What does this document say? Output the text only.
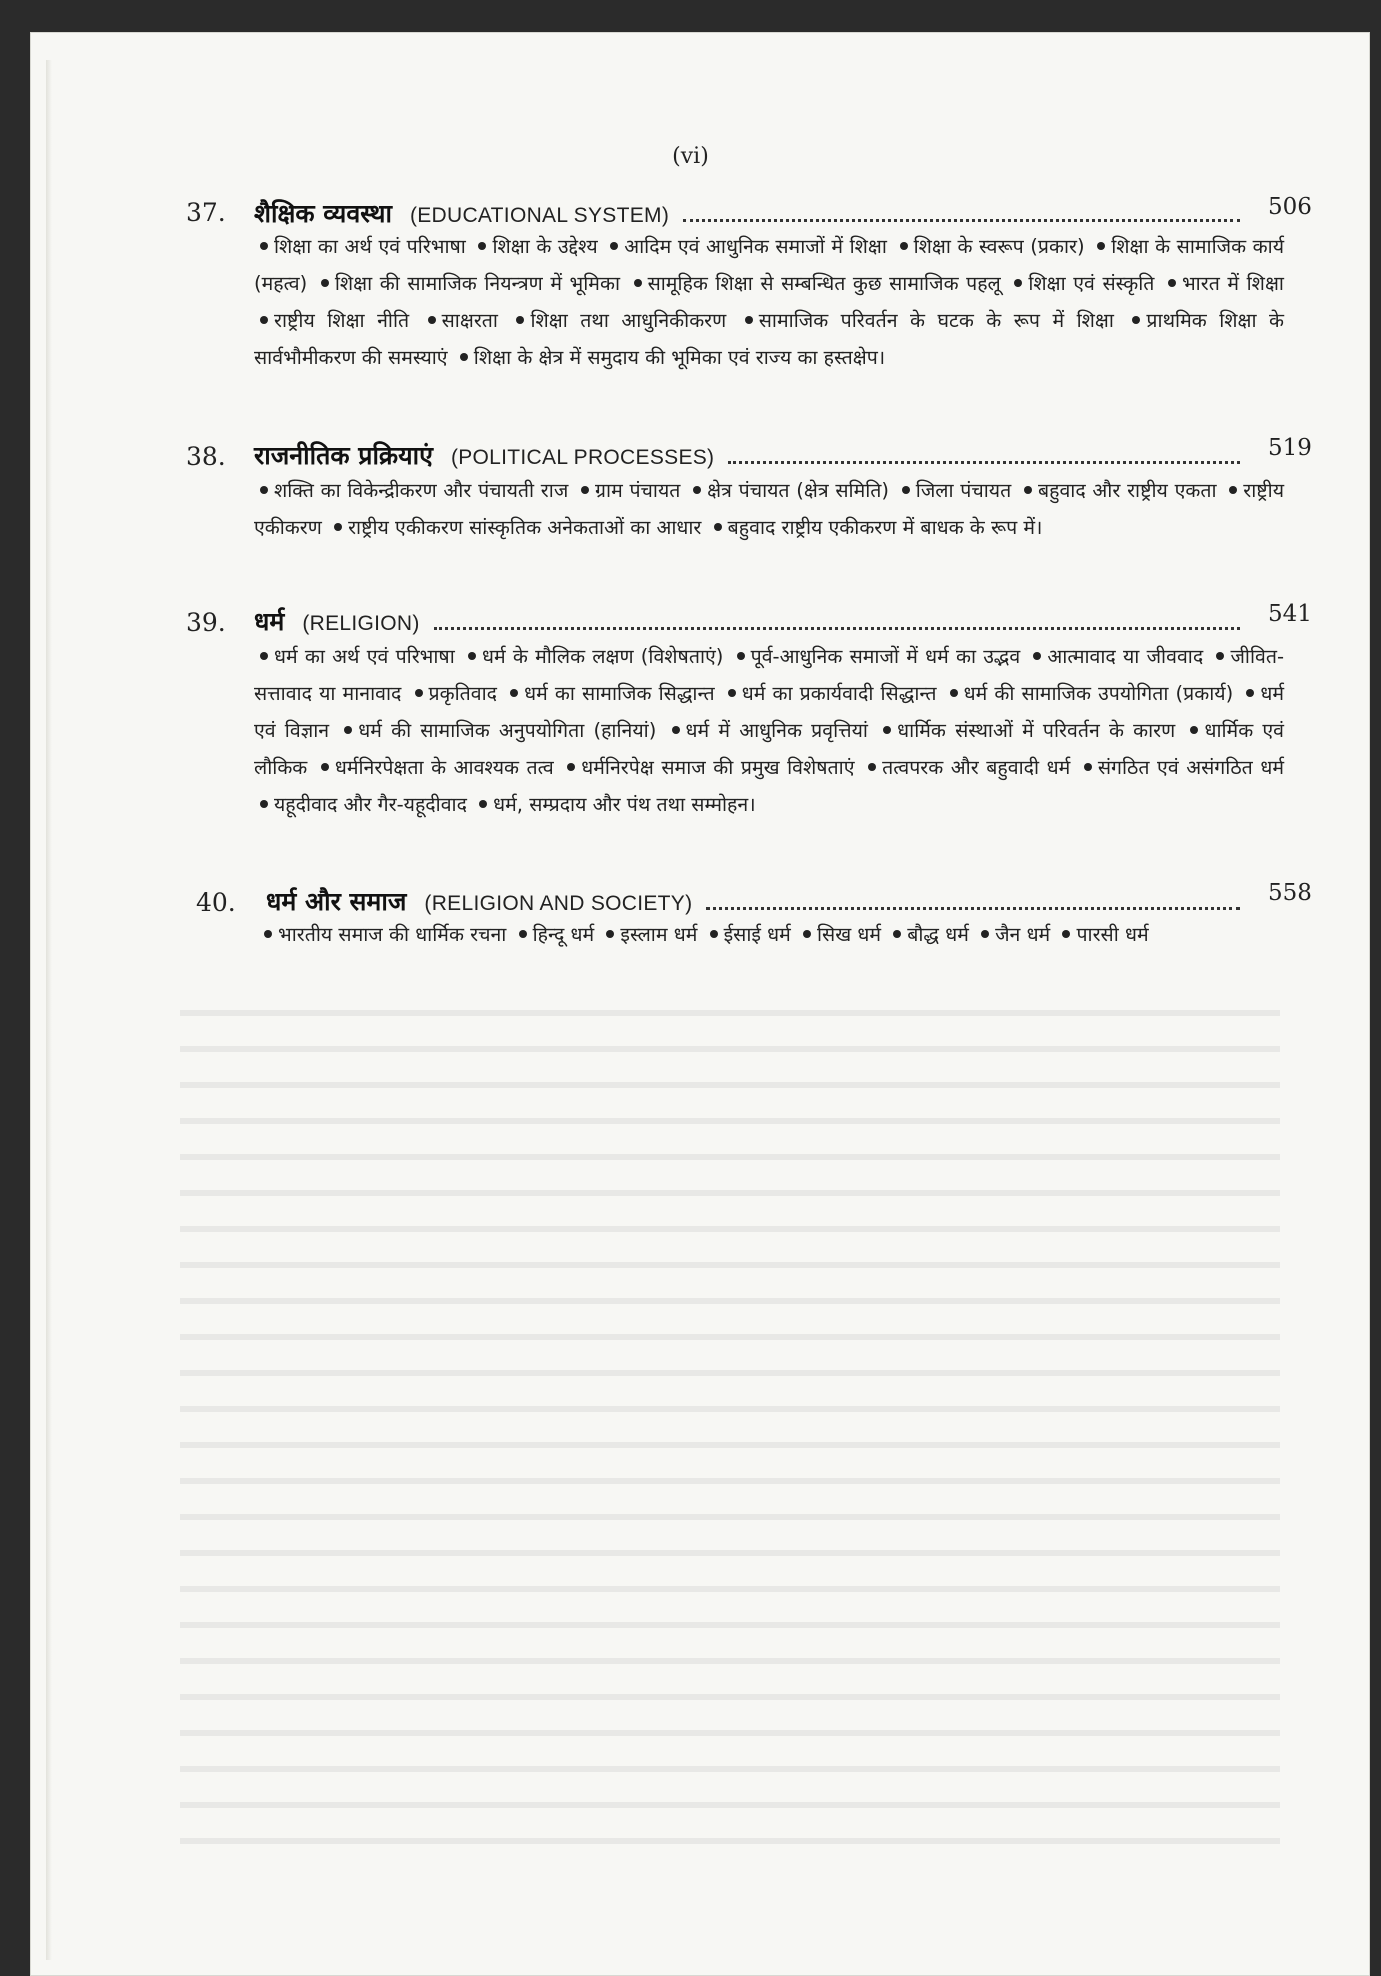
(vi)
37. शैक्षिक व्यवस्था (EDUCATIONAL SYSTEM)	506
शिक्षा का अर्थ एवं परिभाषा शिक्षा के उद्देश्य आदिम एवं आधुनिक समाजों में शिक्षा शिक्षा के स्वरूप (प्रकार) शिक्षा के सामाजिक कार्य (महत्व) शिक्षा की सामाजिक नियन्त्रण में भूमिका सामूहिक शिक्षा से सम्बन्धित कुछ सामाजिक पहलू शिक्षा एवं संस्कृति भारत में शिक्षा राष्ट्रीय शिक्षा नीति साक्षरता शिक्षा तथा आधुनिकीकरण सामाजिक परिवर्तन के घटक के रूप में शिक्षा प्राथमिक शिक्षा के सार्वभौमीकरण की समस्याएं शिक्षा के क्षेत्र में समुदाय की भूमिका एवं राज्य का हस्तक्षेप।
38. राजनीतिक प्रक्रियाएं (POLITICAL PROCESSES)	519
शक्ति का विकेन्द्रीकरण और पंचायती राज ग्राम पंचायत क्षेत्र पंचायत (क्षेत्र समिति) जिला पंचायत बहुवाद और राष्ट्रीय एकता राष्ट्रीय एकीकरण राष्ट्रीय एकीकरण सांस्कृतिक अनेकताओं का आधार बहुवाद राष्ट्रीय एकीकरण में बाधक के रूप में।
39. धर्म (RELIGION)	541
धर्म का अर्थ एवं परिभाषा धर्म के मौलिक लक्षण (विशेषताएं) पूर्व-आधुनिक समाजों में धर्म का उद्भव आत्मावाद या जीववाद जीवित-सत्तावाद या मानावाद प्रकृतिवाद धर्म का सामाजिक सिद्धान्त धर्म का प्रकार्यवादी सिद्धान्त धर्म की सामाजिक उपयोगिता (प्रकार्य) धर्म एवं विज्ञान धर्म की सामाजिक अनुपयोगिता (हानियां) धर्म में आधुनिक प्रवृत्तियां धार्मिक संस्थाओं में परिवर्तन के कारण धार्मिक एवं लौकिक धर्मनिरपेक्षता के आवश्यक तत्व धर्मनिरपेक्ष समाज की प्रमुख विशेषताएं तत्वपरक और बहुवादी धर्म संगठित एवं असंगठित धर्म यहूदीवाद और गैर-यहूदीवाद धर्म, सम्प्रदाय और पंथ तथा सम्मोहन।
40. धर्म और समाज (RELIGION AND SOCIETY)	558
भारतीय समाज की धार्मिक रचना हिन्दू धर्म इस्लाम धर्म ईसाई धर्म सिख धर्म बौद्ध धर्म जैन धर्म पारसी धर्म
